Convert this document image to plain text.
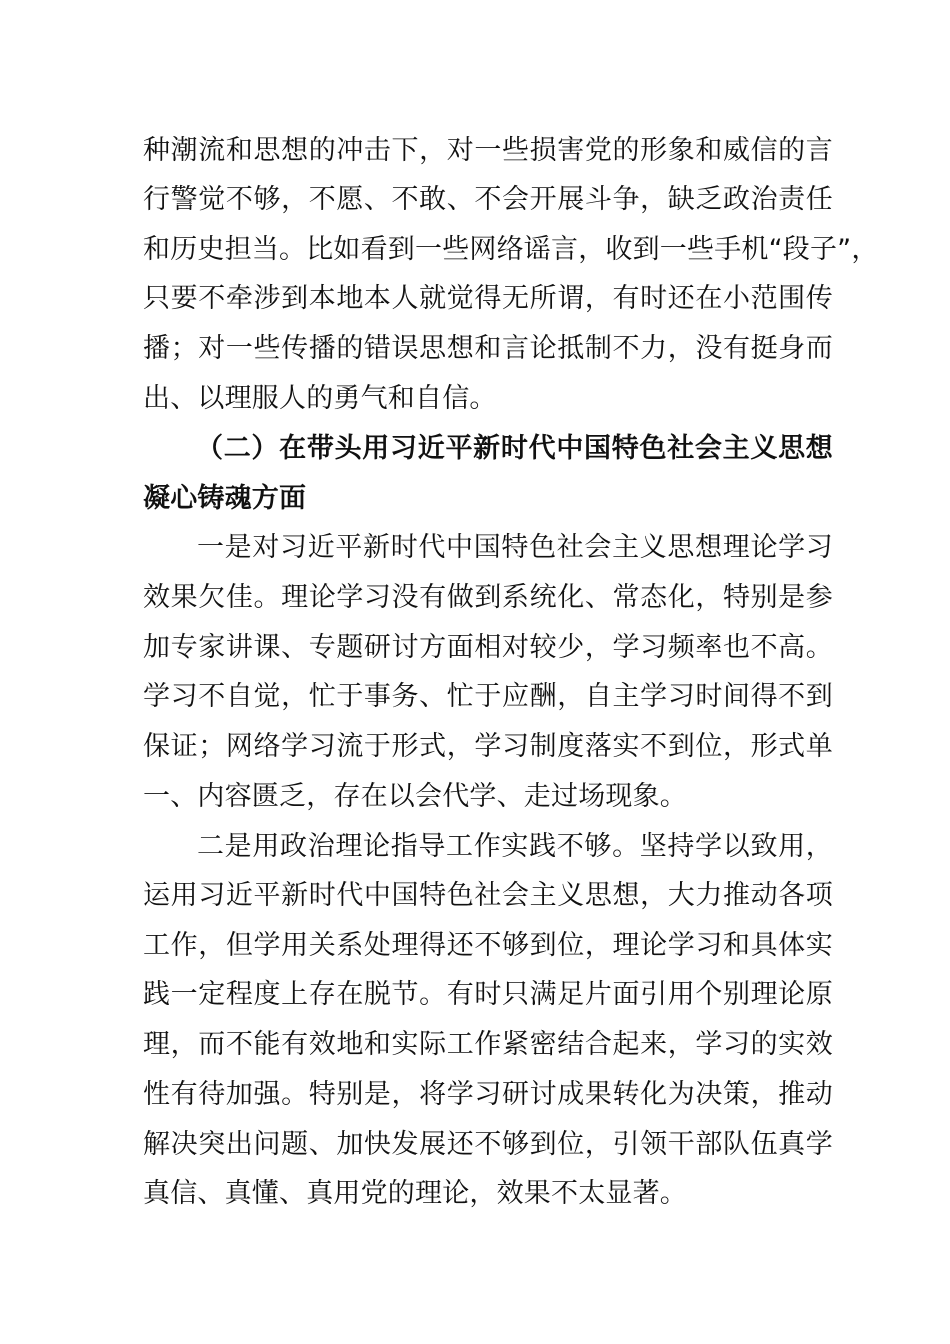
种潮流和思想的冲击下，对一些损害党的形象和威信的言
行警觉不够，不愿、不敢、不会开展斗争，缺乏政治责任
和历史担当。比如看到一些网络谣言，收到一些手机“段子”，
只要不牵涉到本地本人就觉得无所谓，有时还在小范围传
播；对一些传播的错误思想和言论抵制不力，没有挺身而
出、以理服人的勇气和自信。
（二）在带头用习近平新时代中国特色社会主义思想
凝心铸魂方面
一是对习近平新时代中国特色社会主义思想理论学习
效果欠佳。理论学习没有做到系统化、常态化，特别是参
加专家讲课、专题研讨方面相对较少，学习频率也不高。
学习不自觉，忙于事务、忙于应酬，自主学习时间得不到
保证；网络学习流于形式，学习制度落实不到位，形式单
一、内容匮乏，存在以会代学、走过场现象。
二是用政治理论指导工作实践不够。坚持学以致用，
运用习近平新时代中国特色社会主义思想，大力推动各项
工作，但学用关系处理得还不够到位，理论学习和具体实
践一定程度上存在脱节。有时只满足片面引用个别理论原
理，而不能有效地和实际工作紧密结合起来，学习的实效
性有待加强。特别是，将学习研讨成果转化为决策，推动
解决突出问题、加快发展还不够到位，引领干部队伍真学
真信、真懂、真用党的理论，效果不太显著。
